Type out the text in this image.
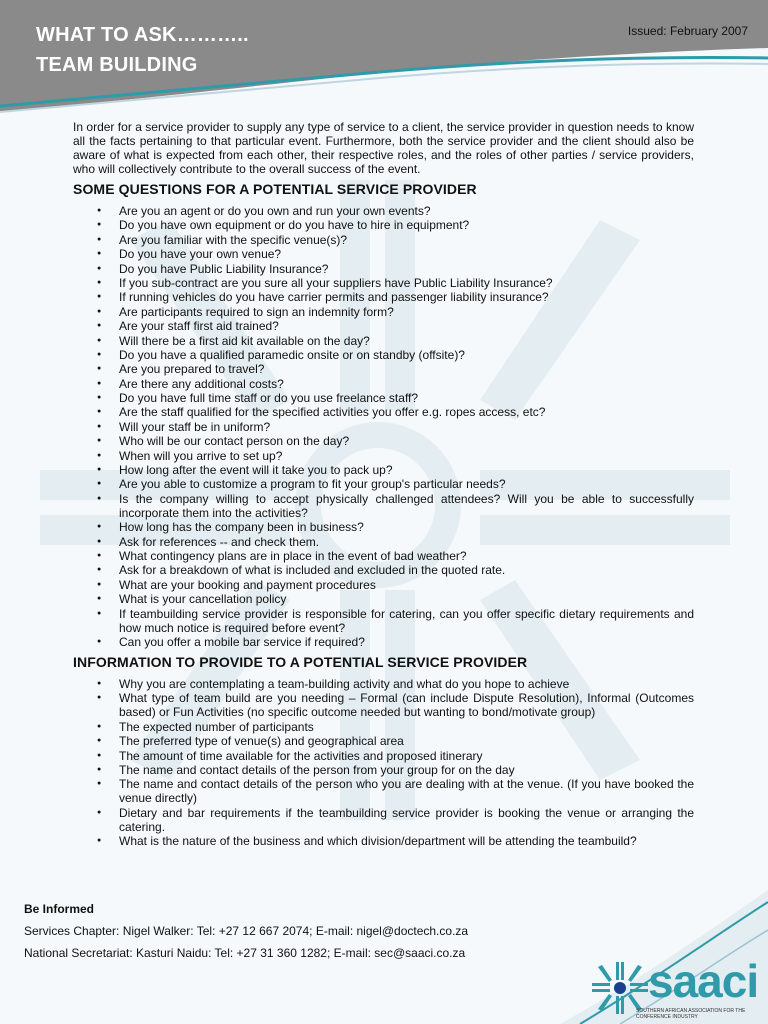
WHAT TO ASK………..
TEAM BUILDING
Issued: February 2007

In order for a service provider to supply any type of service to a client, the service provider in question needs to know all the facts pertaining to that particular event. Furthermore, both the service provider and the client should also be aware of what is expected from each other, their respective roles, and the roles of other parties / service providers, who will collectively contribute to the overall success of the event.

SOME QUESTIONS FOR A POTENTIAL SERVICE PROVIDER
● Are you an agent or do you own and run your own events?
● Do you have own equipment or do you have to hire in equipment?
● Are you familiar with the specific venue(s)?
● Do you have your own venue?
● Do you have Public Liability Insurance?
● If you sub-contract are you sure all your suppliers have Public Liability Insurance?
● If running vehicles do you have carrier permits and passenger liability insurance?
● Are participants required to sign an indemnity form?
● Are your staff first aid trained?
● Will there be a first aid kit available on the day?
● Do you have a qualified paramedic onsite or on standby (offsite)?
● Are you prepared to travel?
● Are there any additional costs?
● Do you have full time staff or do you use freelance staff?
● Are the staff qualified for the specified activities you offer e.g. ropes access, etc?
● Will your staff be in uniform?
● Who will be our contact person on the day?
● When will you arrive to set up?
● How long after the event will it take you to pack up?
● Are you able to customize a program to fit your group's particular needs?
● Is the company willing to accept physically challenged attendees? Will you be able to successfully incorporate them into the activities?
● How long has the company been in business?
● Ask for references -- and check them.
● What contingency plans are in place in the event of bad weather?
● Ask for a breakdown of what is included and excluded in the quoted rate.
● What are your booking and payment procedures
● What is your cancellation policy
● If teambuilding service provider is responsible for catering, can you offer specific dietary requirements and how much notice is required before event?
● Can you offer a mobile bar service if required?
INFORMATION TO PROVIDE TO A POTENTIAL SERVICE PROVIDER
● Why you are contemplating a team-building activity and what do you hope to achieve
● What type of team build are you needing – Formal (can include Dispute Resolution), Informal (Outcomes based) or Fun Activities (no specific outcome needed but wanting to bond/motivate group)
● The expected number of participants
● The preferred type of venue(s) and geographical area
● The amount of time available for the activities and proposed itinerary
● The name and contact details of the person from your group for on the day
● The name and contact details of the person who you are dealing with at the venue. (If you have booked the venue directly)
● Dietary and bar requirements if the teambuilding service provider is booking the venue or arranging the catering.
● What is the nature of the business and which division/department will be attending the teambuild?
Be Informed
Services Chapter: Nigel Walker: Tel: +27 12 667 2074; E-mail: nigel@doctech.co.za
National Secretariat: Kasturi Naidu: Tel: +27 31 360 1282; E-mail: sec@saaci.co.za
saaci
SOUTHERN AFRICAN ASSOCIATION FOR THE CONFERENCE INDUSTRY
